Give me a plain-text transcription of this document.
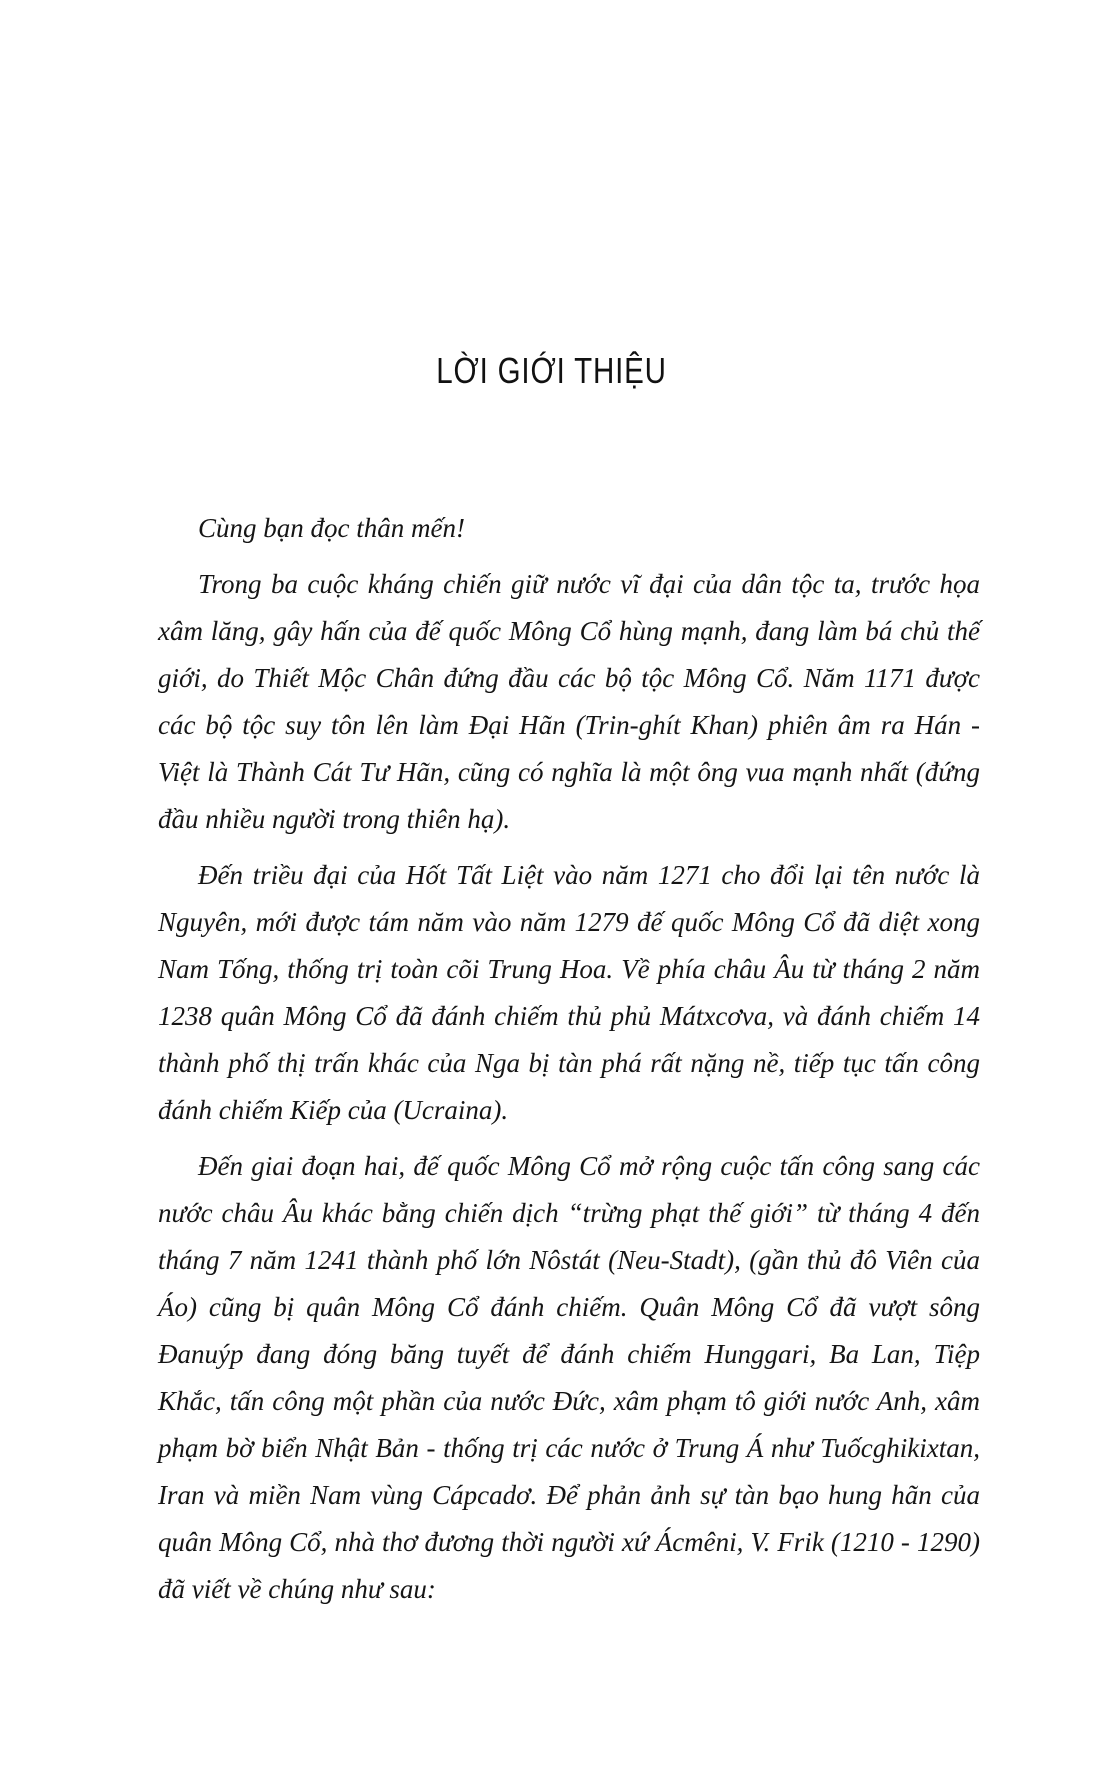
LỜI GIỚI THIỆU

Cùng bạn đọc thân mến!

Trong ba cuộc kháng chiến giữ nước vĩ đại của dân tộc ta, trước họa xâm lăng, gây hấn của đế quốc Mông Cổ hùng mạnh, đang làm bá chủ thế giới, do Thiết Mộc Chân đứng đầu các bộ tộc Mông Cổ. Năm 1171 được các bộ tộc suy tôn lên làm Đại Hãn (Trin-ghít Khan) phiên âm ra Hán - Việt là Thành Cát Tư Hãn, cũng có nghĩa là một ông vua mạnh nhất (đứng đầu nhiều người trong thiên hạ).

Đến triều đại của Hốt Tất Liệt vào năm 1271 cho đổi lại tên nước là Nguyên, mới được tám năm vào năm 1279 đế quốc Mông Cổ đã diệt xong Nam Tống, thống trị toàn cõi Trung Hoa. Về phía châu Âu từ tháng 2 năm 1238 quân Mông Cổ đã đánh chiếm thủ phủ Mátxcơva, và đánh chiếm 14 thành phố thị trấn khác của Nga bị tàn phá rất nặng nề, tiếp tục tấn công đánh chiếm Kiếp của (Ucraina).

Đến giai đoạn hai, đế quốc Mông Cổ mở rộng cuộc tấn công sang các nước châu Âu khác bằng chiến dịch “trừng phạt thế giới” từ tháng 4 đến tháng 7 năm 1241 thành phố lớn Nôstát (Neu-Stadt), (gần thủ đô Viên của Áo) cũng bị quân Mông Cổ đánh chiếm. Quân Mông Cổ đã vượt sông Đanuýp đang đóng băng tuyết để đánh chiếm Hunggari, Ba Lan, Tiệp Khắc, tấn công một phần của nước Đức, xâm phạm tô giới nước Anh, xâm phạm bờ biển Nhật Bản - thống trị các nước ở Trung Á như Tuốcghikixtan, Iran và miền Nam vùng Cápcadơ. Để phản ảnh sự tàn bạo hung hãn của quân Mông Cổ, nhà thơ đương thời người xứ Ácmêni, V. Frik (1210 - 1290) đã viết về chúng như sau:
